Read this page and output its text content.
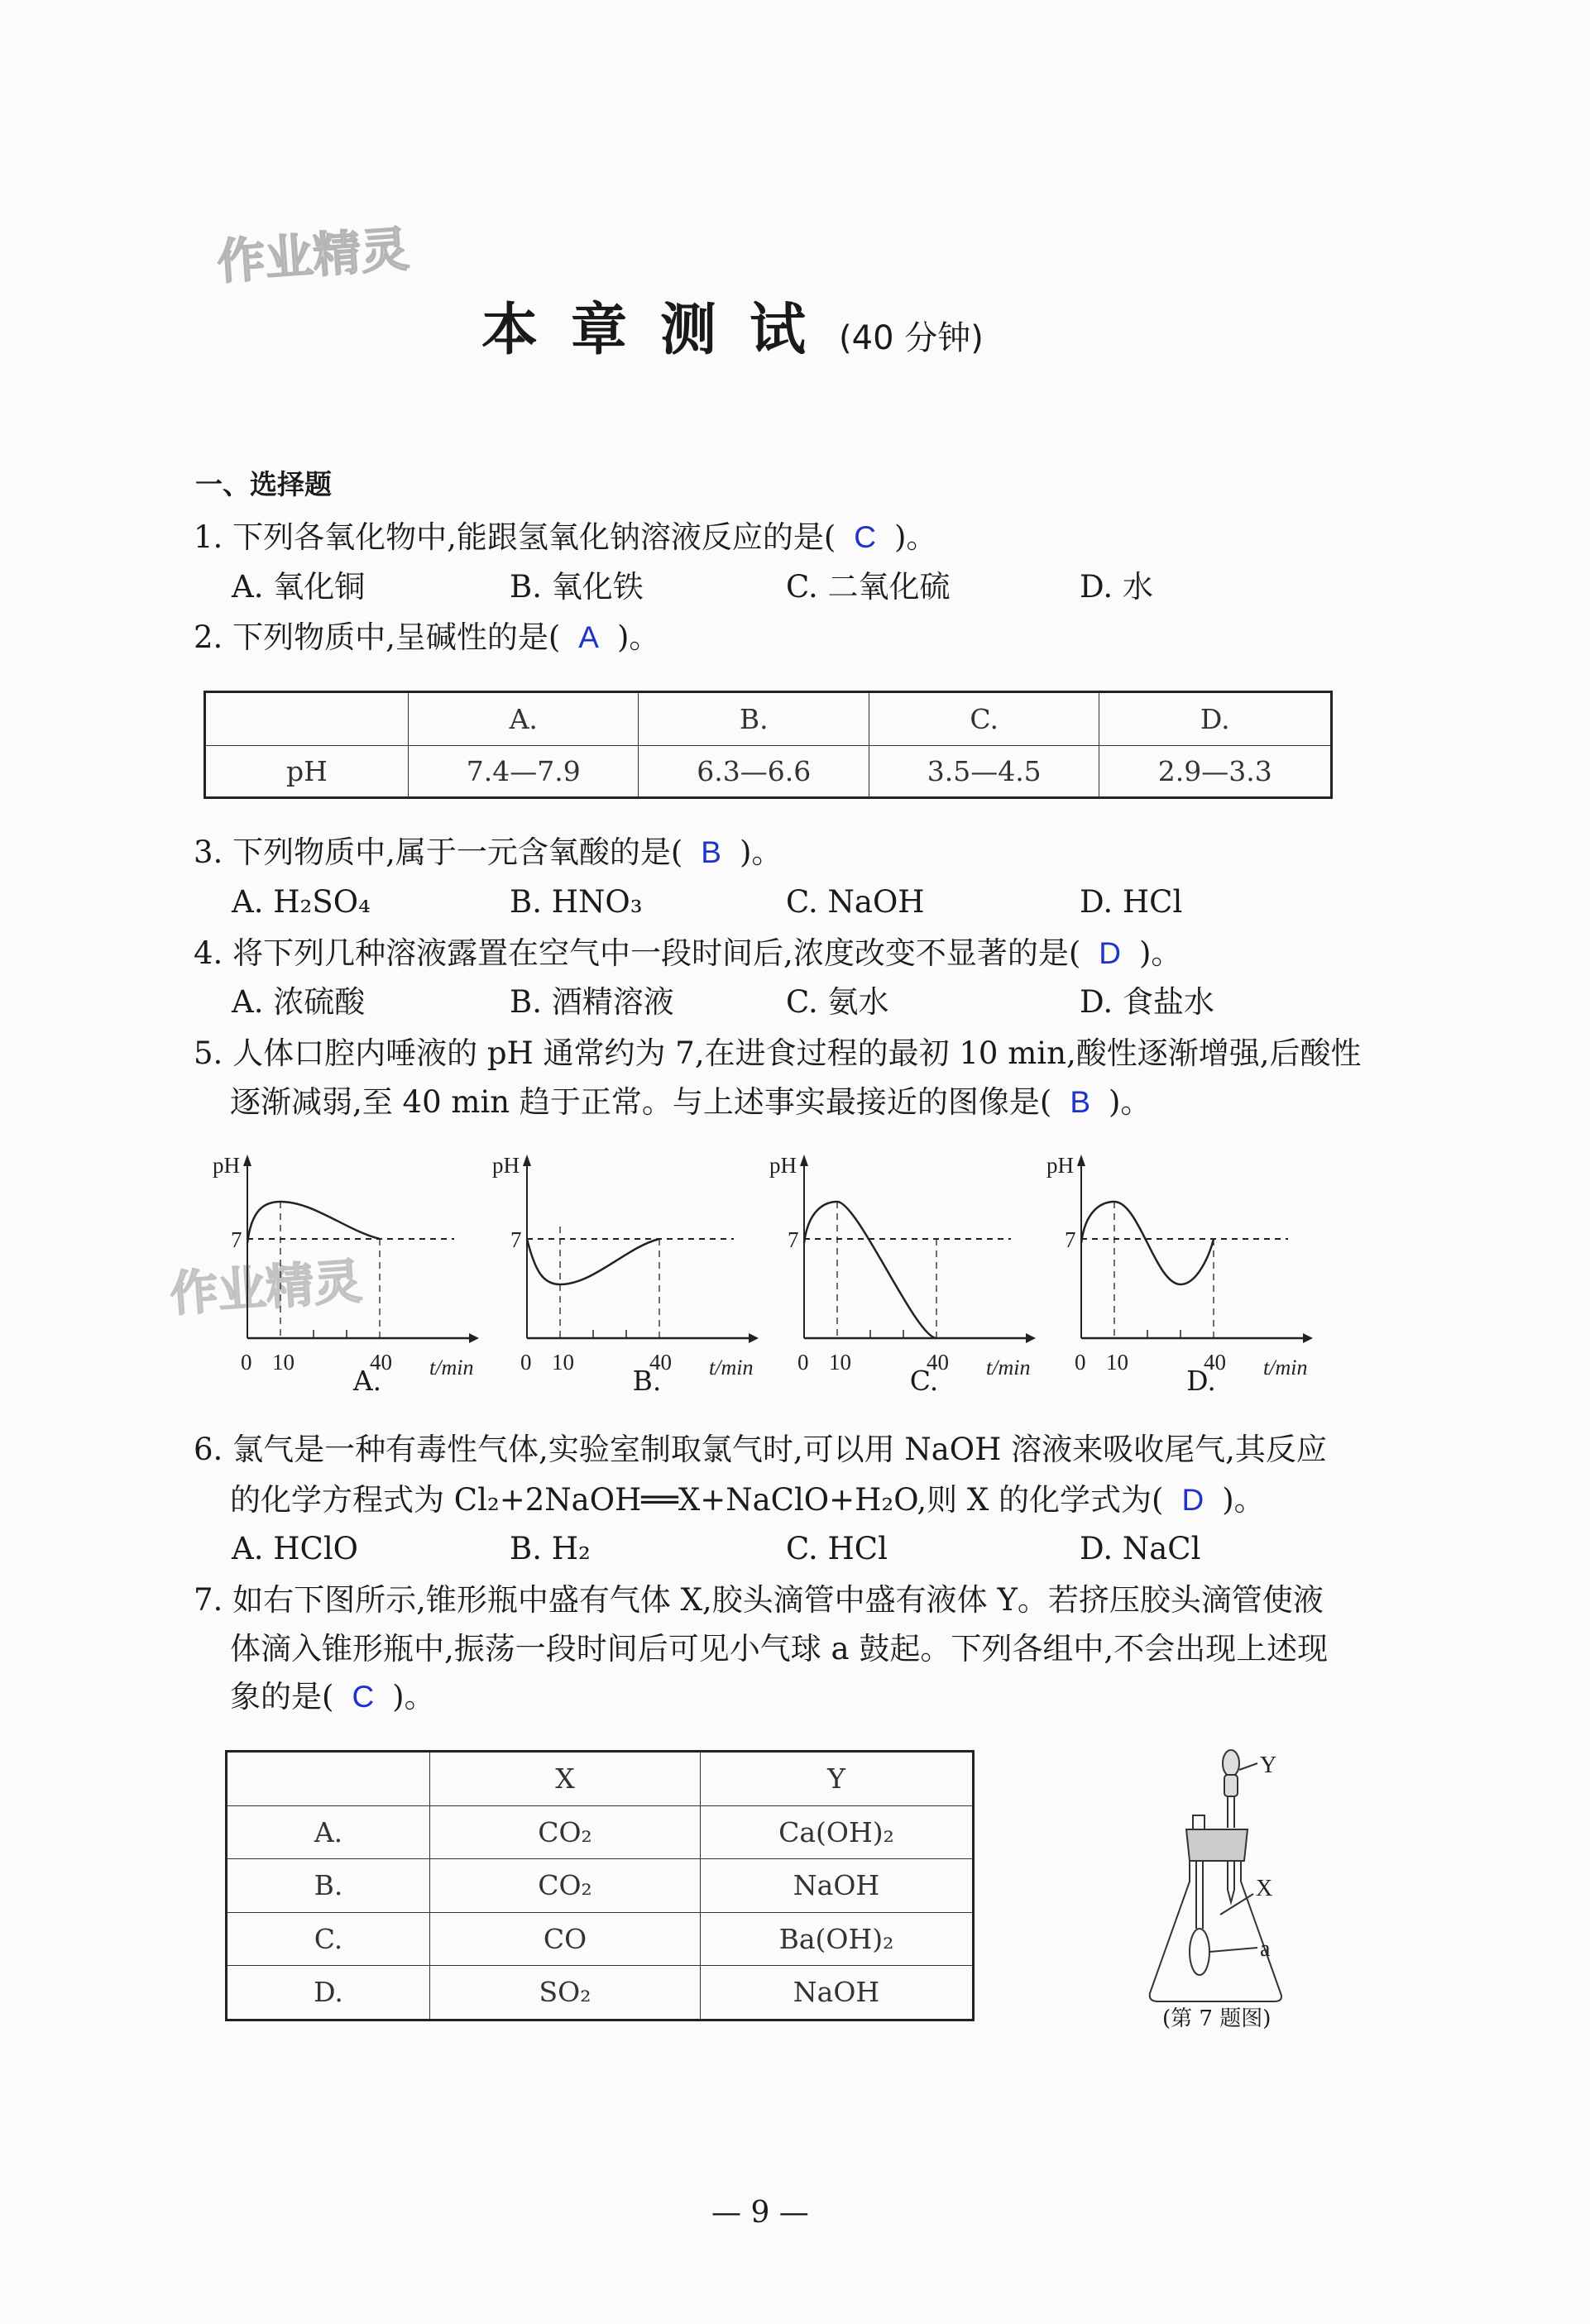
作业精灵
作业精灵
本章测试(40 分钟)
一、选择题
1. 下列各氧化物中,能跟氢氧化钠溶液反应的是( C )。
A. 氧化铜	B. 氧化铁	C. 二氧化硫	D. 水
2. 下列物质中,呈碱性的是( A )。
	A.	B.	C.	D.
pH	7.4—7.9	6.3—6.6	3.5—4.5	2.9—3.3
3. 下列物质中,属于一元含氧酸的是( B )。
A. H₂SO₄	B. HNO₃	C. NaOH	D. HCl
4. 将下列几种溶液露置在空气中一段时间后,浓度改变不显著的是( D )。
A. 浓硫酸	B. 酒精溶液	C. 氨水	D. 食盐水
5. 人体口腔内唾液的 pH 通常约为 7,在进食过程的最初 10 min,酸性逐渐增强,后酸性
逐渐减弱,至 40 min 趋于正常。与上述事实最接近的图像是( B )。
pH
7
0 10	40 t/min
A.
pH
7
0 10	40 t/min
B.
pH
7
0 10	40 t/min
C.
pH
7
0 10	40 t/min
D.
6. 氯气是一种有毒性气体,实验室制取氯气时,可以用 NaOH 溶液来吸收尾气,其反应
的化学方程式为 Cl₂+2NaOH══X+NaClO+H₂O,则 X 的化学式为( D )。
A. HClO	B. H₂	C. HCl	D. NaCl
7. 如右下图所示,锥形瓶中盛有气体 X,胶头滴管中盛有液体 Y。若挤压胶头滴管使液
体滴入锥形瓶中,振荡一段时间后可见小气球 a 鼓起。下列各组中,不会出现上述现
象的是( C )。
	X	Y
A.	CO₂	Ca(OH)₂
B.	CO₂	NaOH
C.	CO	Ba(OH)₂
D.	SO₂	NaOH
Y
X
a
(第 7 题图)
— 9 —
